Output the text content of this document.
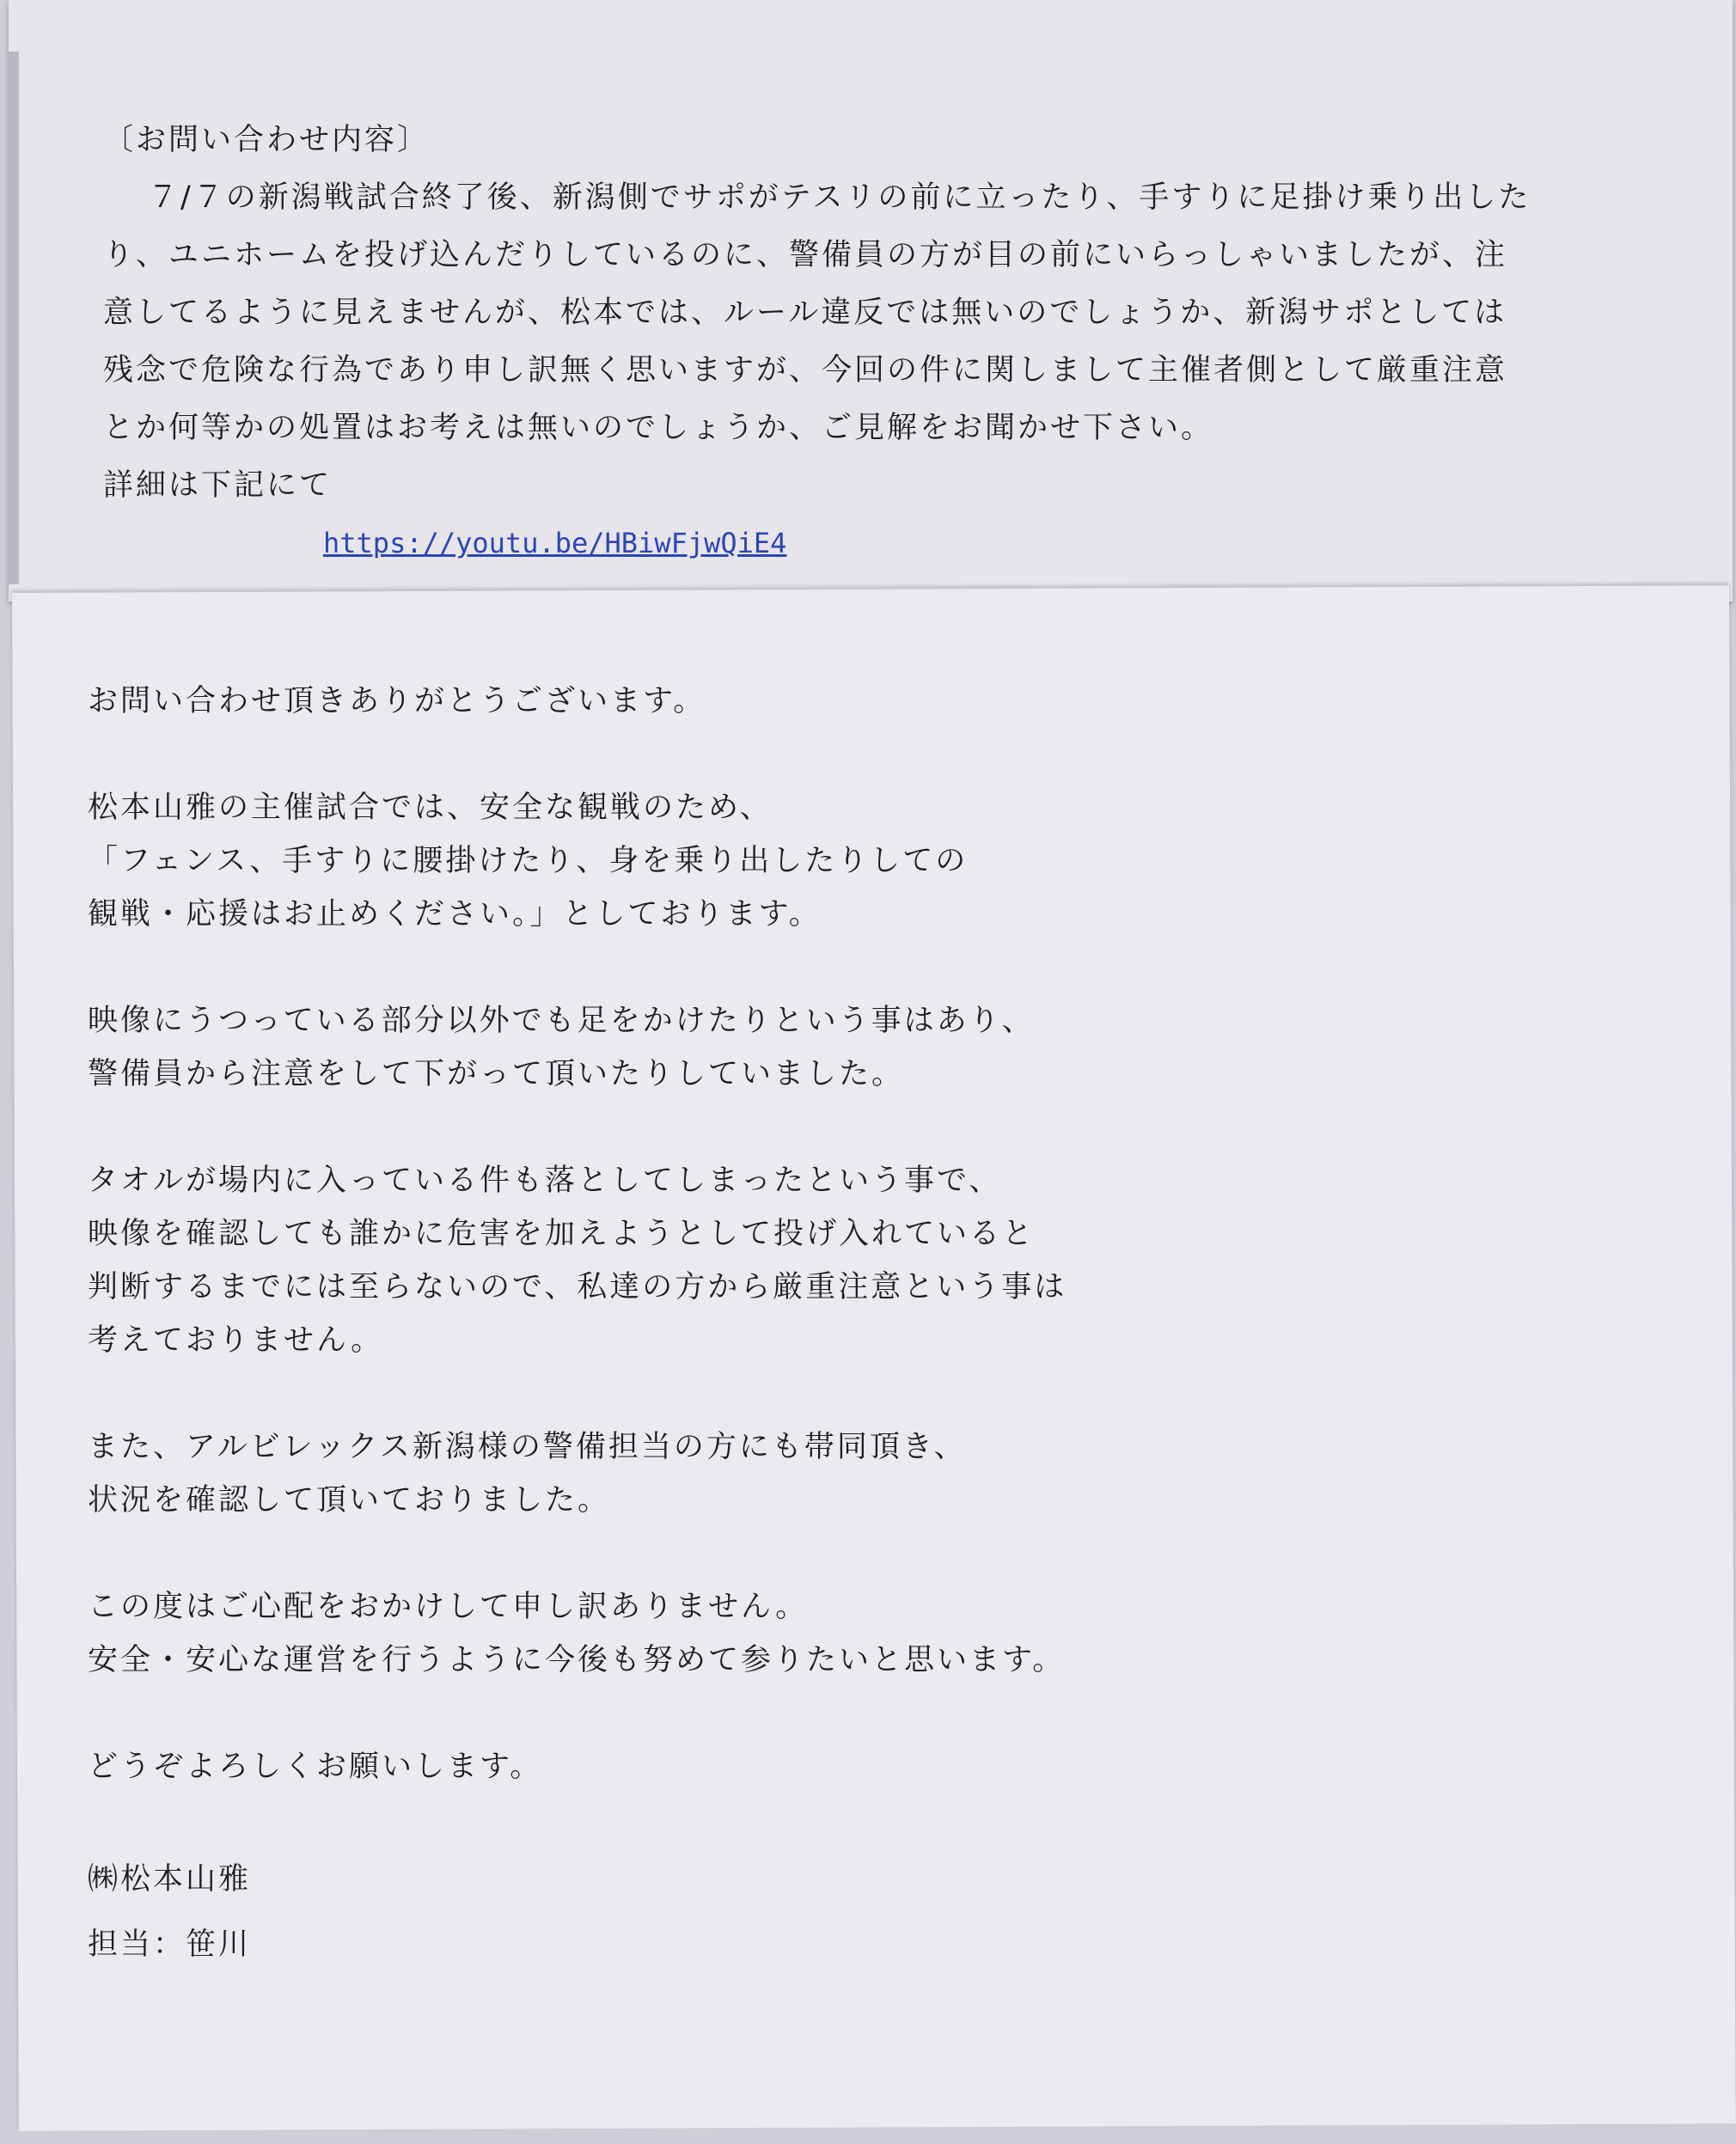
〔お問い合わせ内容〕
７/７の新潟戦試合終了後、新潟側でサポがテスリの前に立ったり、手すりに足掛け乗り出した
り、ユニホームを投げ込んだりしているのに、警備員の方が目の前にいらっしゃいましたが、注
意してるように見えませんが、松本では、ルール違反では無いのでしょうか、新潟サポとしては
残念で危険な行為であり申し訳無く思いますが、今回の件に関しまして主催者側として厳重注意
とか何等かの処置はお考えは無いのでしょうか、ご見解をお聞かせ下さい。
詳細は下記にて
https://youtu.be/HBiwFjwQiE4
お問い合わせ頂きありがとうございます。
松本山雅の主催試合では、安全な観戦のため、
「フェンス、手すりに腰掛けたり、身を乗り出したりしての
観戦・応援はお止めください。」としております。
映像にうつっている部分以外でも足をかけたりという事はあり、
警備員から注意をして下がって頂いたりしていました。
タオルが場内に入っている件も落としてしまったという事で、
映像を確認しても誰かに危害を加えようとして投げ入れていると
判断するまでには至らないので、私達の方から厳重注意という事は
考えておりません。
また、アルビレックス新潟様の警備担当の方にも帯同頂き、
状況を確認して頂いておりました。
この度はご心配をおかけして申し訳ありません。
安全・安心な運営を行うように今後も努めて参りたいと思います。
どうぞよろしくお願いします。
㈱松本山雅
担当：笹川
